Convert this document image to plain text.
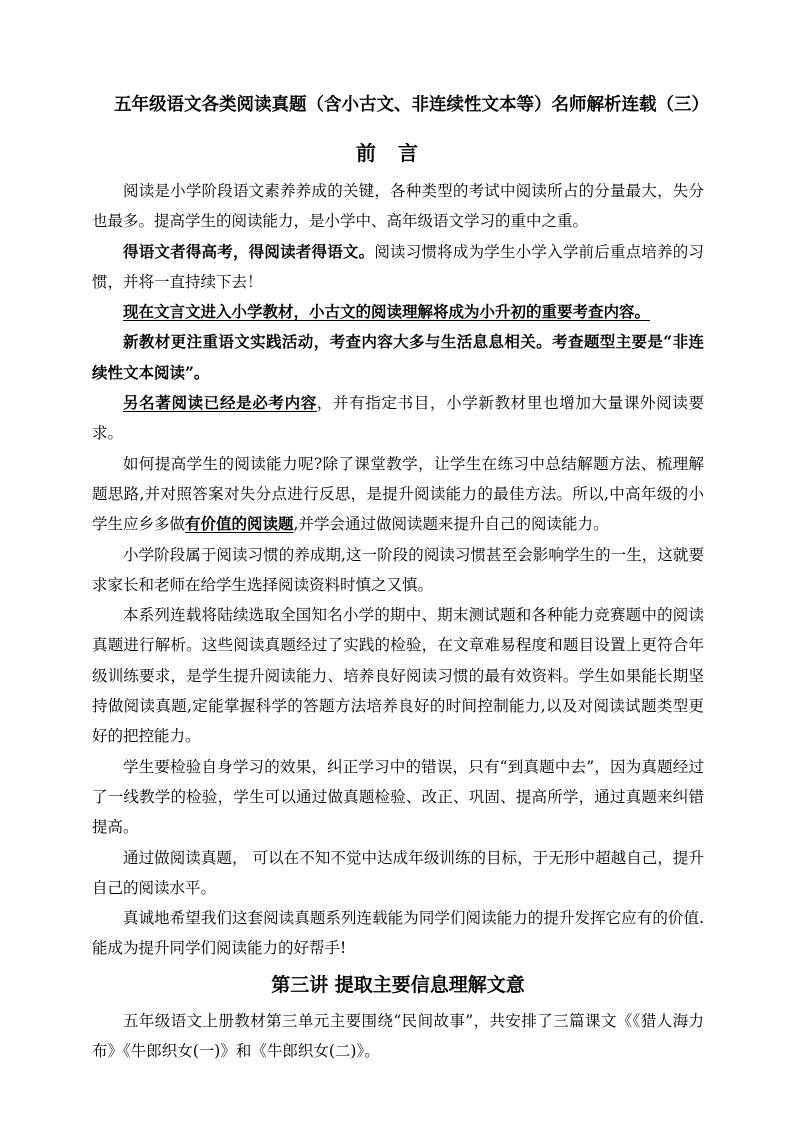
五年级语文各类阅读真题（含小古文、非连续性文本等）名师解析连载（三）
前言

阅读是小学阶段语文素养养成的关键，各种类型的考试中阅读所占的分量最大，失分也最多。提高学生的阅读能力，是小学中、高年级语文学习的重中之重。

得语文者得高考，得阅读者得语文。阅读习惯将成为学生小学入学前后重点培养的习惯，并将一直持续下去！

现在文言文进入小学教材，小古文的阅读理解将成为小升初的重要考查内容。

新教材更注重语文实践活动，考查内容大多与生活息息相关。考查题型主要是“非连续性文本阅读”。

另名著阅读已经是必考内容，并有指定书目，小学新教材里也增加大量课外阅读要求。

如何提高学生的阅读能力呢?除了课堂教学，让学生在练习中总结解题方法、梳理解题思路,并对照答案对失分点进行反思，是提升阅读能力的最佳方法。所以,中高年级的小学生应乡多做有价值的阅读题,并学会通过做阅读题来提升自己的阅读能力。

小学阶段属于阅读习惯的养成期,这一阶段的阅读习惯甚至会影响学生的一生，这就要求家长和老师在给学生选择阅读资料时慎之又慎。

本系列连载将陆续选取全国知名小学的期中、期末测试题和各种能力竞赛题中的阅读真题进行解析。这些阅读真题经过了实践的检验，在文章难易程度和题目设置上更符合年级训练要求，是学生提升阅读能力、培养良好阅读习惯的最有效资料。学生如果能长期坚持做阅读真题,定能掌握科学的答题方法培养良好的时间控制能力,以及对阅读试题类型更好的把控能力。

学生要检验自身学习的效果，纠正学习中的错误，只有“到真题中去”，因为真题经过了一线教学的检验，学生可以通过做真题检验、改正、巩固、提高所学，通过真题来纠错提高。

通过做阅读真题， 可以在不知不觉中达成年级训练的目标，于无形中超越自己，提升自己的阅读水平。

真诚地希望我们这套阅读真题系列连载能为同学们阅读能力的提升发挥它应有的价值.能成为提升同学们阅读能力的好帮手!

第三讲 提取主要信息理解文意

五年级语文上册教材第三单元主要围绕“民间故事”，共安排了三篇课文《《猎人海力布》《牛郎织女(一)》和《牛郎织女(二)》。
